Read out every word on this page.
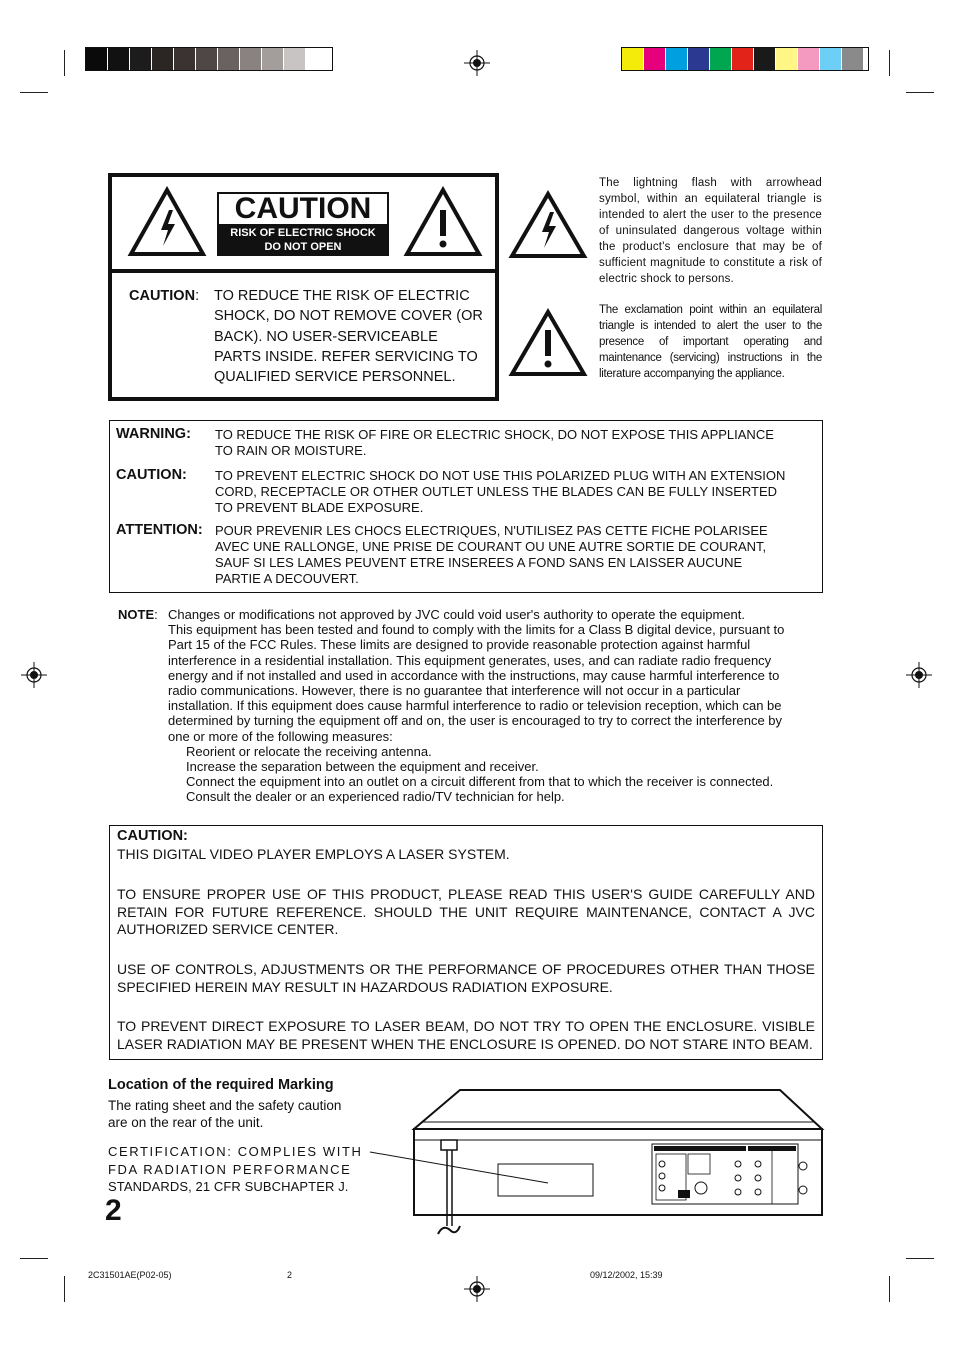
CAUTION
RISK OF ELECTRIC SHOCK
DO NOT OPEN
CAUTION: TO REDUCE THE RISK OF ELECTRIC
SHOCK, DO NOT REMOVE COVER (OR
BACK). NO USER-SERVICEABLE
PARTS INSIDE. REFER SERVICING TO
QUALIFIED SERVICE PERSONNEL.
The lightning flash with arrowhead symbol, within an equilateral triangle is intended to alert the user to the presence of uninsulated dangerous voltage within the product's enclosure that may be of sufficient magnitude to constitute a risk of electric shock to persons.
The exclamation point within an equilateral triangle is intended to alert the user to the presence of important operating and maintenance (servicing) instructions in the literature accompanying the appliance.
WARNING: TO REDUCE THE RISK OF FIRE OR ELECTRIC SHOCK, DO NOT EXPOSE THIS APPLIANCE
TO RAIN OR MOISTURE.
CAUTION: TO PREVENT ELECTRIC SHOCK DO NOT USE THIS POLARIZED PLUG WITH AN EXTENSION
CORD, RECEPTACLE OR OTHER OUTLET UNLESS THE BLADES CAN BE FULLY INSERTED
TO PREVENT BLADE EXPOSURE.
ATTENTION: POUR PREVENIR LES CHOCS ELECTRIQUES, N'UTILISEZ PAS CETTE FICHE POLARISEE
AVEC UNE RALLONGE, UNE PRISE DE COURANT OU UNE AUTRE SORTIE DE COURANT,
SAUF SI LES LAMES PEUVENT ETRE INSEREES A FOND SANS EN LAISSER AUCUNE
PARTIE A DECOUVERT.
NOTE: Changes or modifications not approved by JVC could void user's authority to operate the equipment.
This equipment has been tested and found to comply with the limits for a Class B digital device, pursuant to
Part 15 of the FCC Rules. These limits are designed to provide reasonable protection against harmful
interference in a residential installation. This equipment generates, uses, and can radiate radio frequency
energy and if not installed and used in accordance with the instructions, may cause harmful interference to
radio communications. However, there is no guarantee that interference will not occur in a particular
installation. If this equipment does cause harmful interference to radio or television reception, which can be
determined by turning the equipment off and on, the user is encouraged to try to correct the interference by
one or more of the following measures:
Reorient or relocate the receiving antenna.
Increase the separation between the equipment and receiver.
Connect the equipment into an outlet on a circuit different from that to which the receiver is connected.
Consult the dealer or an experienced radio/TV technician for help.
CAUTION:
THIS DIGITAL VIDEO PLAYER EMPLOYS A LASER SYSTEM.
TO ENSURE PROPER USE OF THIS PRODUCT, PLEASE READ THIS USER'S GUIDE CAREFULLY AND RETAIN FOR FUTURE REFERENCE. SHOULD THE UNIT REQUIRE MAINTENANCE, CONTACT A JVC AUTHORIZED SERVICE CENTER.
USE OF CONTROLS, ADJUSTMENTS OR THE PERFORMANCE OF PROCEDURES OTHER THAN THOSE SPECIFIED HEREIN MAY RESULT IN HAZARDOUS RADIATION EXPOSURE.
TO PREVENT DIRECT EXPOSURE TO LASER BEAM, DO NOT TRY TO OPEN THE ENCLOSURE. VISIBLE LASER RADIATION MAY BE PRESENT WHEN THE ENCLOSURE IS OPENED. DO NOT STARE INTO BEAM.
Location of the required Marking
The rating sheet and the safety caution
are on the rear of the unit.
CERTIFICATION: COMPLIES WITH
FDA RADIATION PERFORMANCE
STANDARDS, 21 CFR SUBCHAPTER J.
2
2C31501AE(P02-05)	2	09/12/2002, 15:39
